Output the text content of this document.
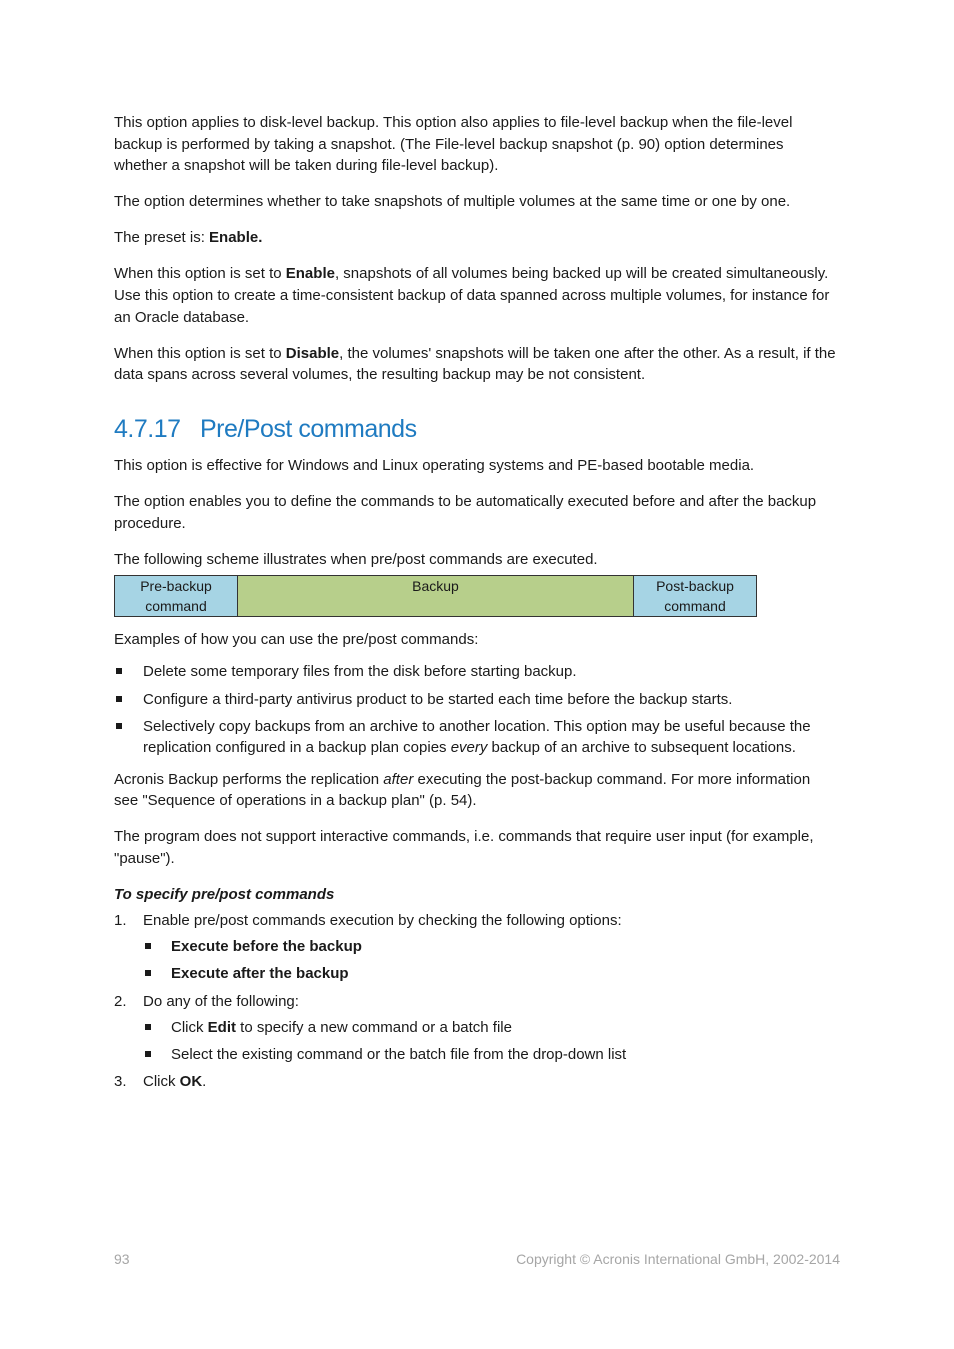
This option applies to disk-level backup. This option also applies to file-level backup when the file-level backup is performed by taking a snapshot. (The File-level backup snapshot (p. 90) option determines whether a snapshot will be taken during file-level backup).

The option determines whether to take snapshots of multiple volumes at the same time or one by one.

The preset is: Enable.

When this option is set to Enable, snapshots of all volumes being backed up will be created simultaneously. Use this option to create a time-consistent backup of data spanned across multiple volumes, for instance for an Oracle database.

When this option is set to Disable, the volumes' snapshots will be taken one after the other. As a result, if the data spans across several volumes, the resulting backup may be not consistent.

4.7.17 Pre/Post commands

This option is effective for Windows and Linux operating systems and PE-based bootable media.

The option enables you to define the commands to be automatically executed before and after the backup procedure.

The following scheme illustrates when pre/post commands are executed.

Pre-backup command	Backup	Post-backup command

Examples of how you can use the pre/post commands:

Delete some temporary files from the disk before starting backup.
Configure a third-party antivirus product to be started each time before the backup starts.
Selectively copy backups from an archive to another location. This option may be useful because the replication configured in a backup plan copies every backup of an archive to subsequent locations.

Acronis Backup performs the replication after executing the post-backup command. For more information see "Sequence of operations in a backup plan" (p. 54).

The program does not support interactive commands, i.e. commands that require user input (for example, "pause").

To specify pre/post commands
1. Enable pre/post commands execution by checking the following options:
Execute before the backup
Execute after the backup
2. Do any of the following:
Click Edit to specify a new command or a batch file
Select the existing command or the batch file from the drop-down list
3. Click OK.
93	Copyright © Acronis International GmbH, 2002-2014
